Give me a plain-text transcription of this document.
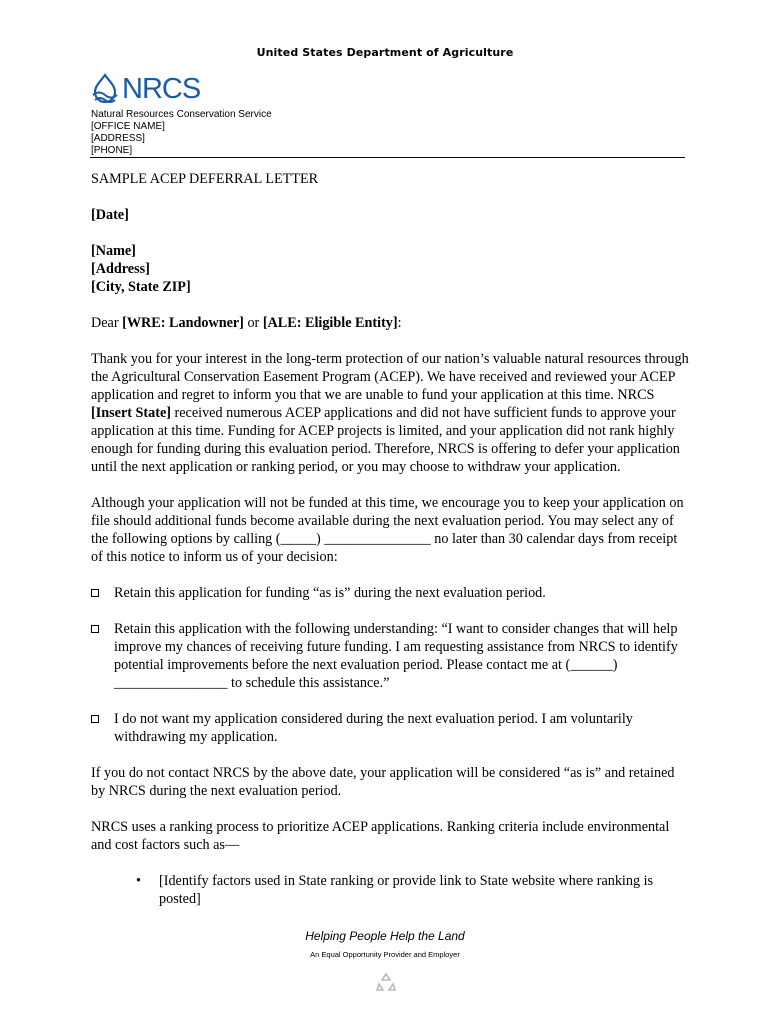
United States Department of Agriculture
NRCS
Natural Resources Conservation Service
[OFFICE NAME]
[ADDRESS]
[PHONE]

SAMPLE ACEP DEFERRAL LETTER

[Date]

[Name]

[Address]

[City, State ZIP]

Dear [WRE: Landowner] or [ALE: Eligible Entity]:

Thank you for your interest in the long-term protection of our nation’s valuable natural resources through the Agricultural Conservation Easement Program (ACEP). We have received and reviewed your ACEP application and regret to inform you that we are unable to fund your application at this time. NRCS [Insert State] received numerous ACEP applications and did not have sufficient funds to approve your application at this time. Funding for ACEP projects is limited, and your application did not rank highly enough for funding during this evaluation period. Therefore, NRCS is offering to defer your application until the next application or ranking period, or you may choose to withdraw your application.

Although your application will not be funded at this time, we encourage you to keep your application on file should additional funds become available during the next evaluation period. You may select any of the following options by calling (_____) _______________ no later than 30 calendar days from receipt of this notice to inform us of your decision:

Retain this application for funding “as is” during the next evaluation period.
Retain this application with the following understanding: “I want to consider changes that will help improve my chances of receiving future funding. I am requesting assistance from NRCS to identify potential improvements before the next evaluation period. Please contact me at (______) ________________ to schedule this assistance.”
I do not want my application considered during the next evaluation period. I am voluntarily withdrawing my application.

If you do not contact NRCS by the above date, your application will be considered “as is” and retained by NRCS during the next evaluation period.

NRCS uses a ranking process to prioritize ACEP applications. Ranking criteria include environmental and cost factors such as—

• [Identify factors used in State ranking or provide link to State website where ranking is posted]
Helping People Help the Land
An Equal Opportunity Provider and Employer
